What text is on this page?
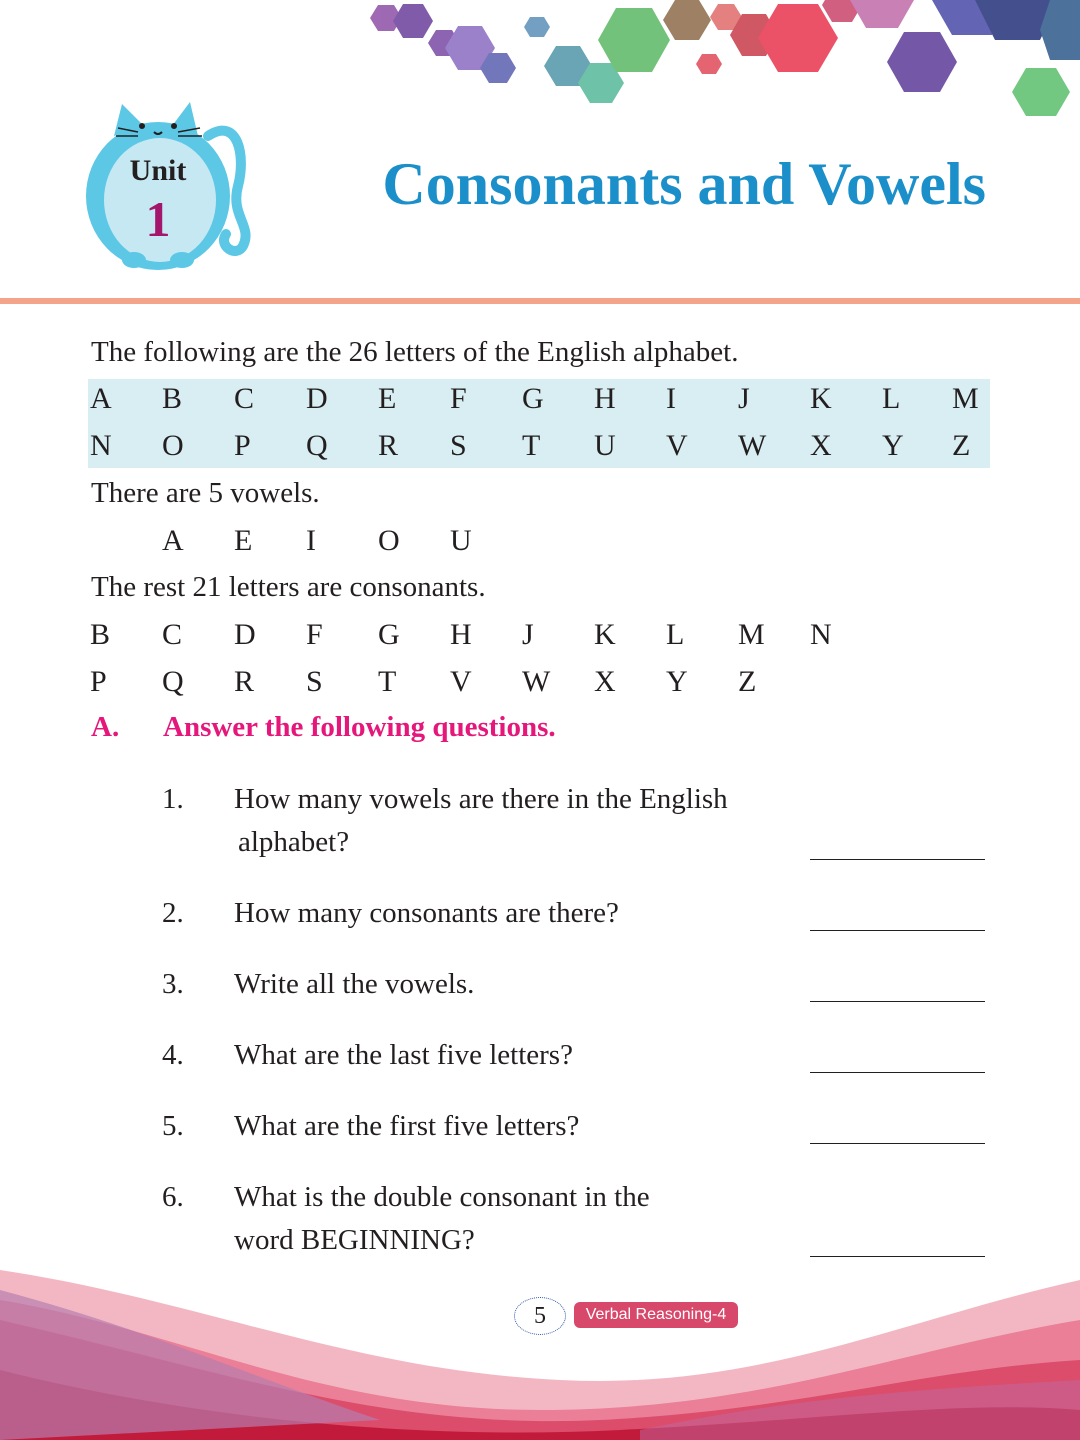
Unit
1
Consonants and Vowels
The following are the 26 letters of the English alphabet.
A B C D E F G H I J K L M
N O P Q R S T U V W X Y Z
There are 5 vowels.
A E I O U
The rest 21 letters are consonants.
B C D F G H J K L M N
P Q R S T V W X Y Z
A. Answer the following questions.
1. How many vowels are there in the English
alphabet?
2. How many consonants are there?
3. Write all the vowels.
4. What are the last five letters?
5. What are the first five letters?
6. What is the double consonant in the
word BEGINNING?
5	Verbal Reasoning-4
